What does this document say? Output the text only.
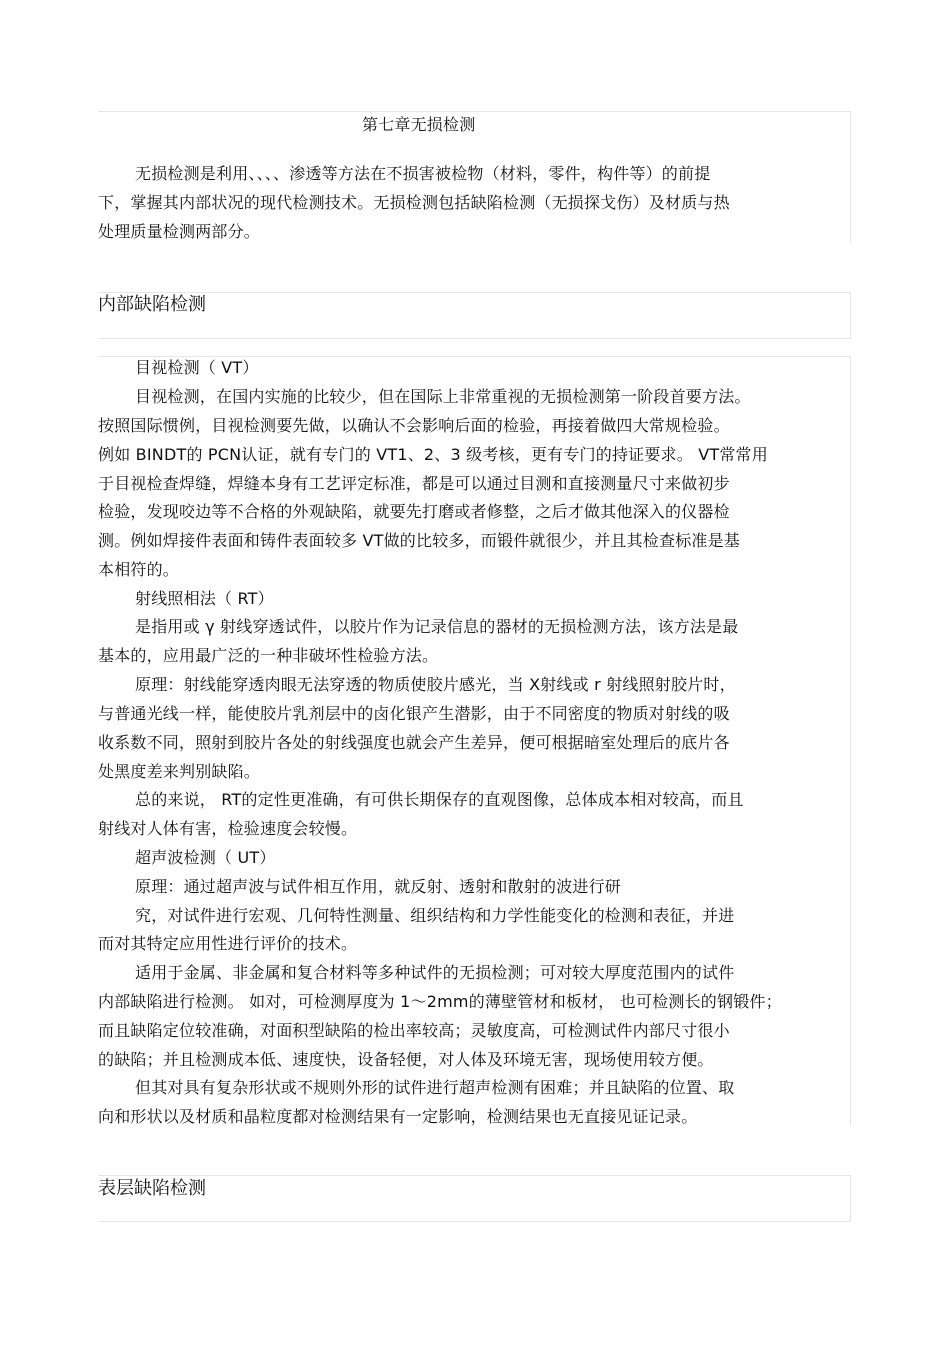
第七章无损检测
无损检测是利用、、、、渗透等方法在不损害被检物（材料，零件，构件等）的前提
下，掌握其内部状况的现代检测技术。无损检测包括缺陷检测（无损探戈伤）及材质与热
处理质量检测两部分。
内部缺陷检测
目视检测（ VT）
目视检测，在国内实施的比较少，但在国际上非常重视的无损检测第一阶段首要方法。
按照国际惯例，目视检测要先做，以确认不会影响后面的检验，再接着做四大常规检验。
例如 BINDT的 PCN认证，就有专门的 VT1、2、3 级考核，更有专门的持证要求。 VT常常用
于目视检查焊缝，焊缝本身有工艺评定标准，都是可以通过目测和直接测量尺寸来做初步
检验，发现咬边等不合格的外观缺陷，就要先打磨或者修整，之后才做其他深入的仪器检
测。例如焊接件表面和铸件表面较多 VT做的比较多，而锻件就很少，并且其检查标准是基
本相符的。
射线照相法（ RT）
是指用或 γ 射线穿透试件，以胶片作为记录信息的器材的无损检测方法，该方法是最
基本的，应用最广泛的一种非破坏性检验方法。
原理：射线能穿透肉眼无法穿透的物质使胶片感光，当 X射线或 r 射线照射胶片时，
与普通光线一样，能使胶片乳剂层中的卤化银产生潜影，由于不同密度的物质对射线的吸
收系数不同，照射到胶片各处的射线强度也就会产生差异，便可根据暗室处理后的底片各
处黑度差来判别缺陷。
总的来说， RT的定性更准确，有可供长期保存的直观图像，总体成本相对较高，而且
射线对人体有害，检验速度会较慢。
超声波检测（ UT）
原理：通过超声波与试件相互作用，就反射、透射和散射的波进行研
究，对试件进行宏观、几何特性测量、组织结构和力学性能变化的检测和表征，并进
而对其特定应用性进行评价的技术。
适用于金属、非金属和复合材料等多种试件的无损检测；可对较大厚度范围内的试件
内部缺陷进行检测。 如对，可检测厚度为 1～2mm的薄壁管材和板材， 也可检测长的钢锻件；
而且缺陷定位较准确，对面积型缺陷的检出率较高；灵敏度高，可检测试件内部尺寸很小
的缺陷；并且检测成本低、速度快，设备轻便，对人体及环境无害，现场使用较方便。
但其对具有复杂形状或不规则外形的试件进行超声检测有困难；并且缺陷的位置、取
向和形状以及材质和晶粒度都对检测结果有一定影响，检测结果也无直接见证记录。
表层缺陷检测
